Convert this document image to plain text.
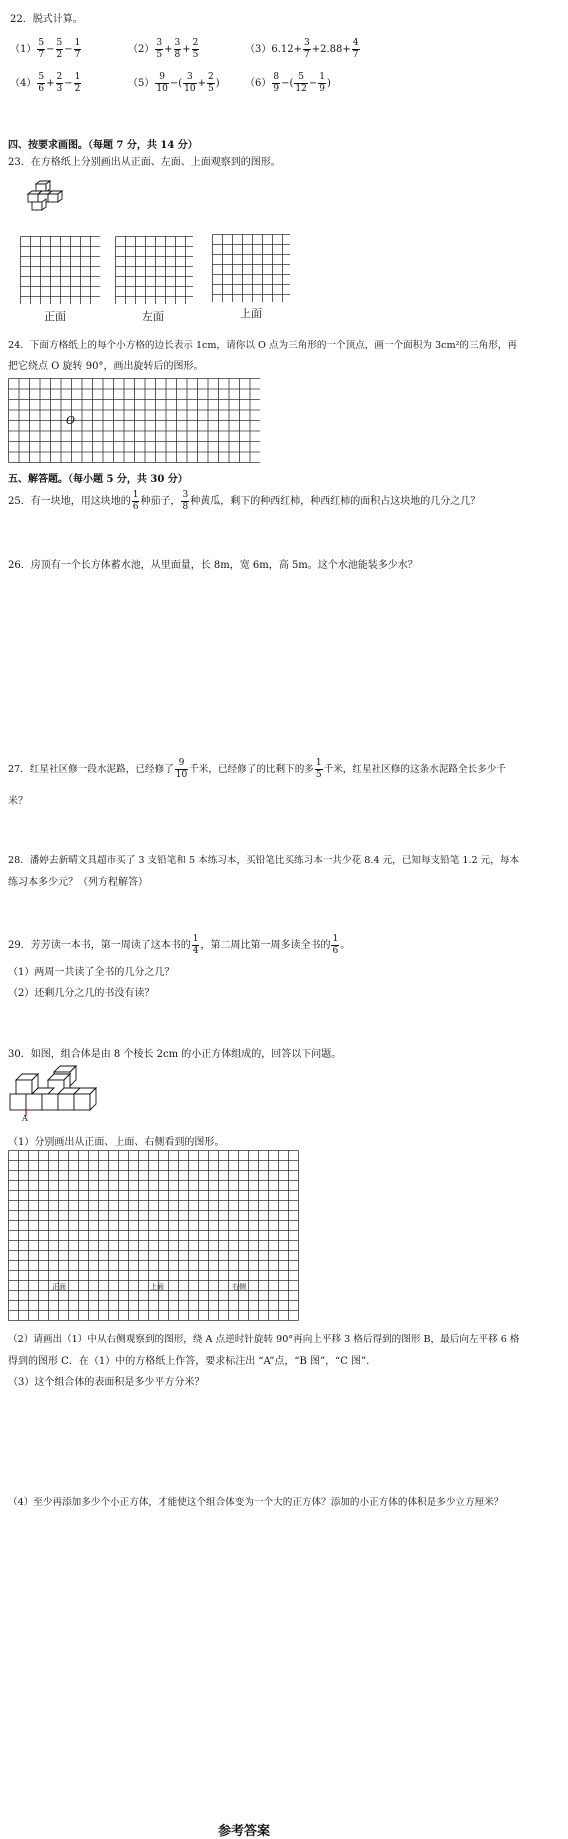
22．脱式计算。
$(1) \frac{5}{7} - \frac{5}{2} - \frac{1}{7}$	$(2) \frac{3}{5} + \frac{3}{8} + \frac{2}{5}$	$(3)6.12+ \frac{3}{7} +2.88+ \frac{4}{7}$
$(4) \frac{5}{6} + \frac{2}{3} - \frac{1}{2}$	$(5) \frac{9}{10}$ −( $\frac{3}{10} + \frac{2}{5}$ )	$(6) \frac{8}{9}$ −( $\frac{5}{12} - \frac{1}{9}$ )
四、按要求画图。（每题 7 分，共 14 分）
23．在方格纸上分别画出从正面、左面、上面观察到的图形。
正面	左面	上面
24．下面方格纸上的每个小方格的边长表示 1cm，请你以 O 点为三角形的一个顶点，画一个面积为 3cm²的三角形，再
把它绕点 O 旋转 90°，画出旋转后的图形。
O
五、解答题。（每小题 5 分，共 30 分）
25．有一块地，用这块地的 $\frac{1}{6}$ 种茄子， $\frac{3}{8}$ 种黄瓜，剩下的种西红柿，种西红柿的面积占这块地的几分之几？
26．房顶有一个长方体蓄水池，从里面量，长 8m，宽 6m，高 5m。这个水池能装多少水？
27．红星社区修一段水泥路，已经修了 $\frac{9}{10}$ 千米，已经修了的比剩下的多 $\frac{1}{5}$ 千米，红星社区修的这条水泥路全长多少千
米？
28．潘婷去新晴文具超市买了 3 支铅笔和 5 本练习本，买铅笔比买练习本一共少花 8.4 元，已知每支铅笔 1.2 元，每本
练习本多少元？（列方程解答）
29．芳芳读一本书，第一周读了这本书的 $\frac{1}{4}$ ，第二周比第一周多读全书的 $\frac{1}{6}$ 。
（1）两周一共读了全书的几分之几？
（2）还剩几分之几的书没有读？
30．如图，组合体是由 8 个棱长 2cm 的小正方体组成的，回答以下问题。
A
（1）分别画出从正面、上面、右侧看到的图形。
正面	上面	右侧
（2）请画出（1）中从右侧观察到的图形，绕 A 点逆时针旋转 90°再向上平移 3 格后得到的图形 B，最后向左平移 6 格
得到的图形 C．在（1）中的方格纸上作答，要求标注出 “A”点，“B 图”，“C 图”.
（3）这个组合体的表面积是多少平方分米？
（4）至少再添加多少个小正方体，才能使这个组合体变为一个大的正方体？添加的小正方体的体积是多少立方厘米？
参考答案
